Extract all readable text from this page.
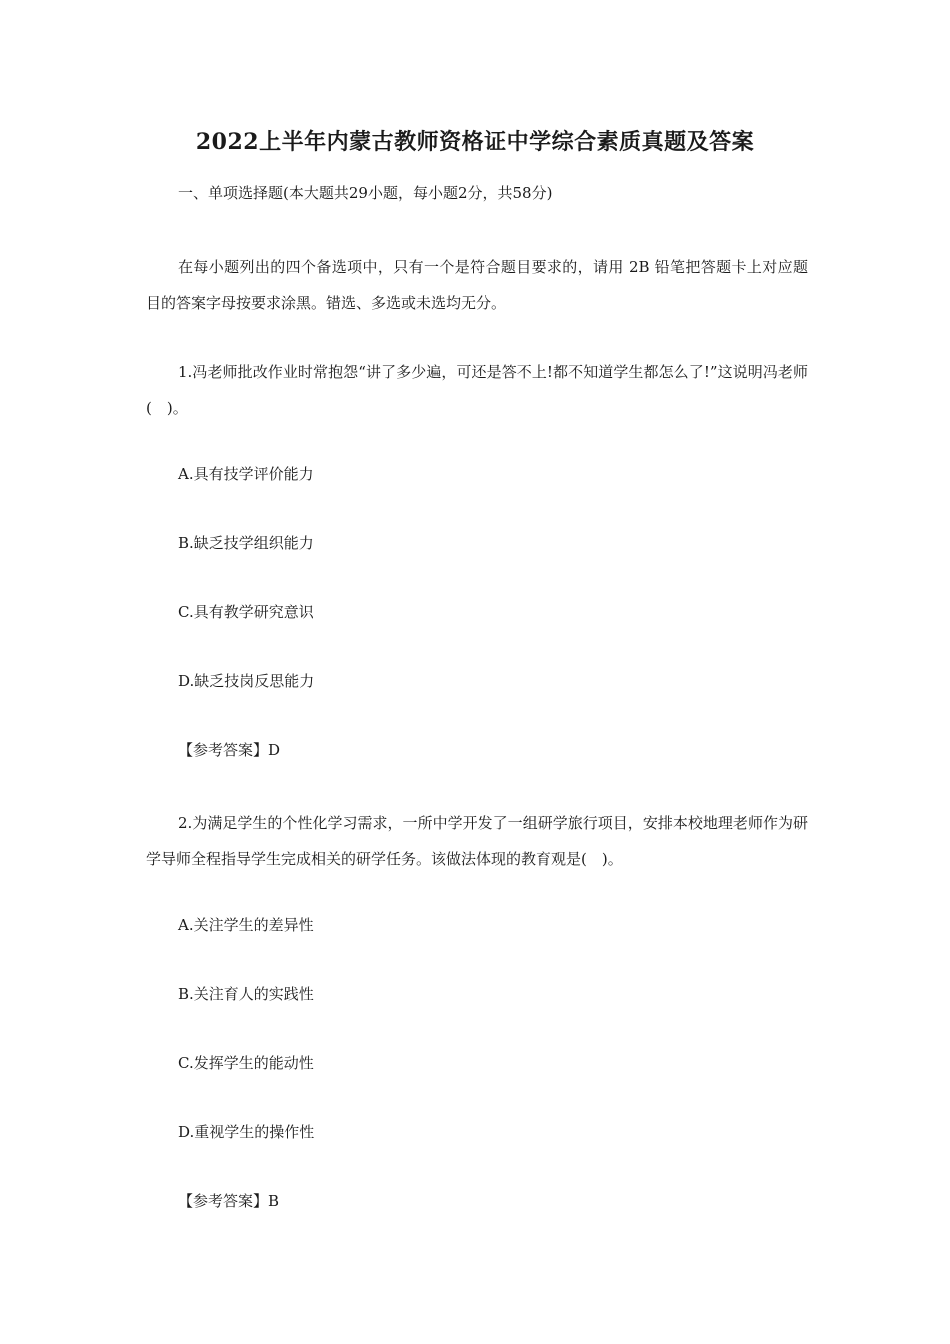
2022上半年内蒙古教师资格证中学综合素质真题及答案
一、单项选择题(本大题共29小题，每小题2分，共58分)
在每小题列出的四个备选项中，只有一个是符合题目要求的，请用 2B 铅笔把答题卡上对应题目的答案字母按要求涂黑。错选、多选或未选均无分。
1.冯老师批改作业时常抱怨“讲了多少遍，可还是答不上!都不知道学生都怎么了!”这说明冯老师(　)。
A.具有技学评价能力
B.缺乏技学组织能力
C.具有教学研究意识
D.缺乏技岗反思能力
【参考答案】D
2.为满足学生的个性化学习需求，一所中学开发了一组研学旅行项目，安排本校地理老师作为研学导师全程指导学生完成相关的研学任务。该做法体现的教育观是(　)。
A.关注学生的差异性
B.关注育人的实践性
C.发挥学生的能动性
D.重视学生的操作性
【参考答案】B
